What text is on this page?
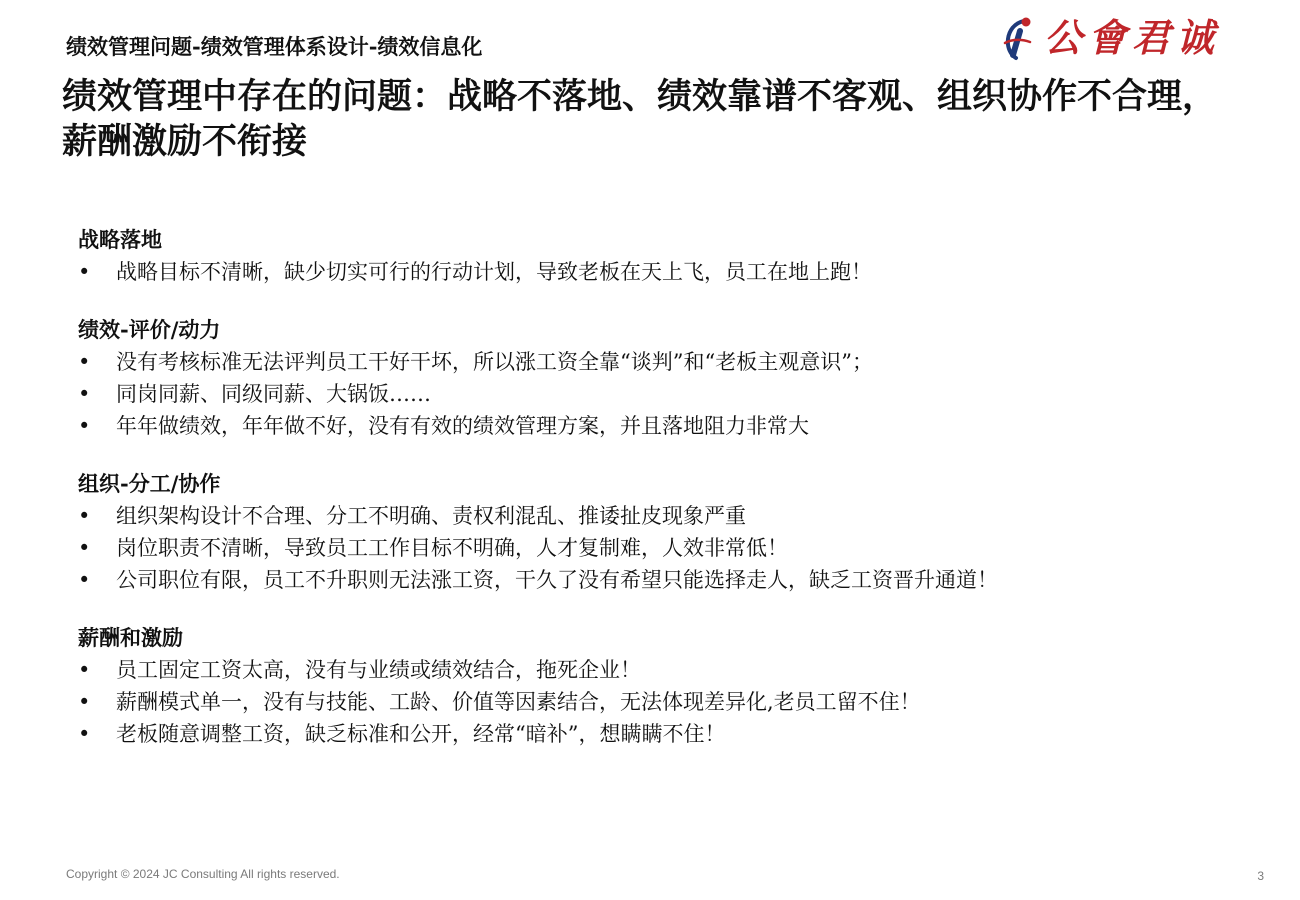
绩效管理问题-绩效管理体系设计-绩效信息化	公會君诚
绩效管理中存在的问题：战略不落地、绩效靠谱不客观、组织协作不合理，薪酬激励不衔接
战略落地
• 战略目标不清晰，缺少切实可行的行动计划，导致老板在天上飞，员工在地上跑！
绩效-评价/动力
• 没有考核标准无法评判员工干好干坏，所以涨工资全靠“谈判”和“老板主观意识”；
• 同岗同薪、同级同薪、大锅饭……
• 年年做绩效，年年做不好，没有有效的绩效管理方案，并且落地阻力非常大
组织-分工/协作
• 组织架构设计不合理、分工不明确、责权利混乱、推诿扯皮现象严重
• 岗位职责不清晰，导致员工工作目标不明确，人才复制难，人效非常低！
• 公司职位有限，员工不升职则无法涨工资，干久了没有希望只能选择走人，缺乏工资晋升通道！
薪酬和激励
• 员工固定工资太高，没有与业绩或绩效结合，拖死企业！
• 薪酬模式单一，没有与技能、工龄、价值等因素结合，无法体现差异化,老员工留不住！
• 老板随意调整工资，缺乏标准和公开，经常“暗补”，想瞒瞒不住！
Copyright © 2024 JC Consulting All rights reserved.	3
